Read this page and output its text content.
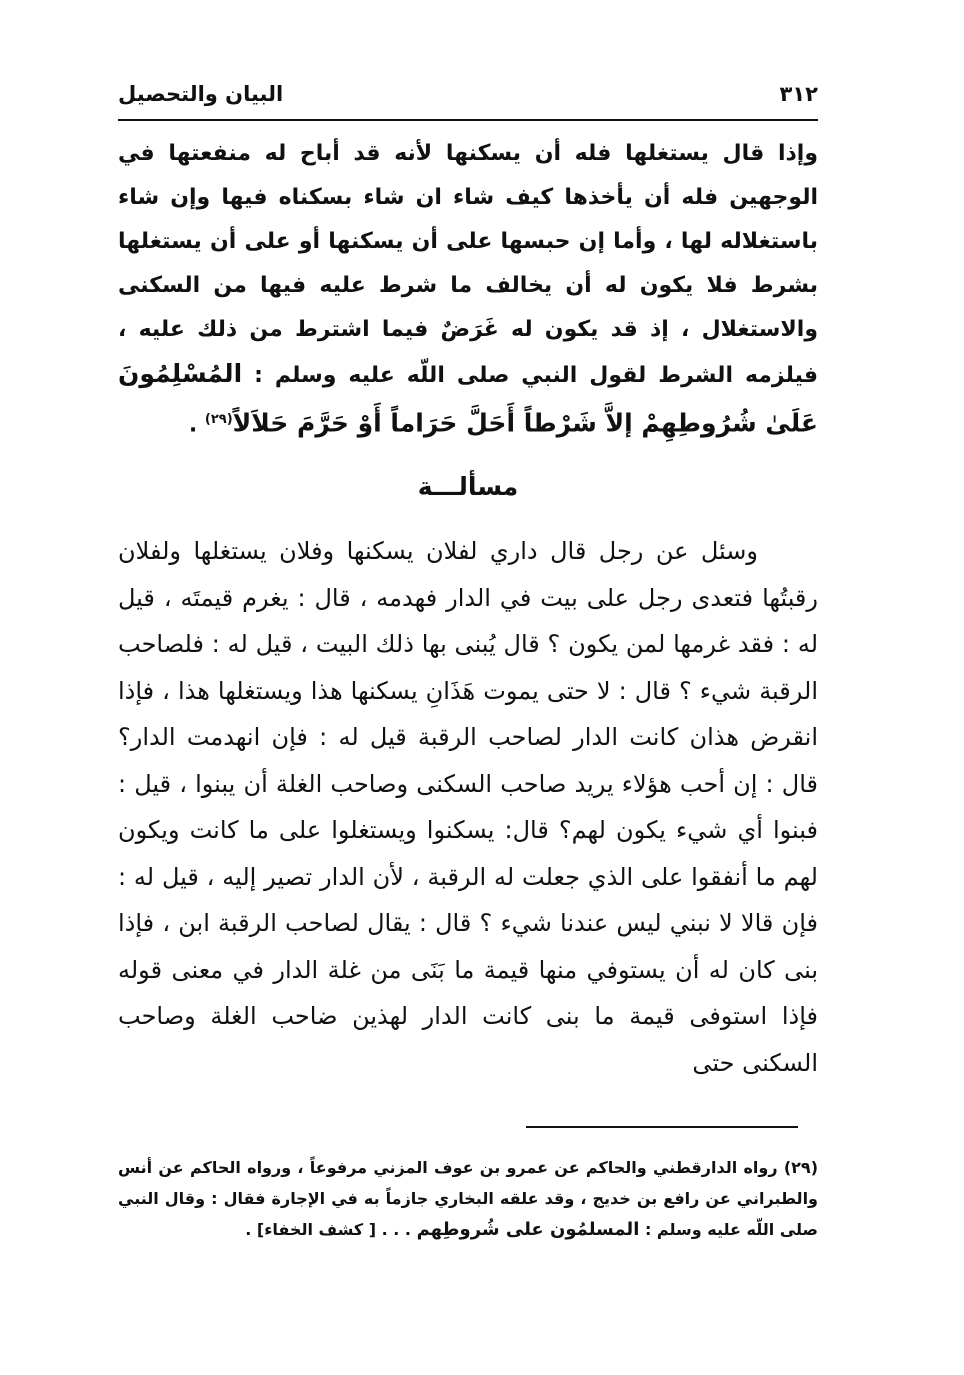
٣١٢
البيان والتحصيل

وإذا قال يستغلها فله أن يسكنها لأنه قد أباح له منفعتها في الوجهين فله أن يأخذها كيف شاء ان شاء بسكناه فيها وإن شاء باستغلاله لها ، وأما إن حبسها على أن يسكنها أو على أن يستغلها بشرط فلا يكون له أن يخالف ما شرط عليه فيها من السكنى والاستغلال ، إذ قد يكون له غَرَضٌ فيما اشترط من ذلك عليه ، فيلزمه الشرط لقول النبي صلى اللّه عليه وسلم : المُسْلِمُونَ عَلَىٰ شُرُوطِهِمْ إلاَّ شَرْطاً أَحَلَّ حَرَاماً أَوْ حَرَّمَ حَلاَلاً$^{(٢٩)}$ .

مسألـــة

وسئل عن رجل قال داري لفلان يسكنها وفلان يستغلها ولفلان رقبتُها فتعدى رجل على بيت في الدار فهدمه ، قال : يغرم قيمتَه ، قيل له : فقد غرمها لمن يكون ؟ قال يُبنى بها ذلك البيت ، قيل له : فلصاحب الرقبة شيء ؟ قال : لا حتى يموت هَذَانِ يسكنها هذا ويستغلها هذا ، فإذا انقرض هذان كانت الدار لصاحب الرقبة قيل له : فإن انهدمت الدار؟ قال : إن أحب هؤلاء يريد صاحب السكنى وصاحب الغلة أن يبنوا ، قيل : فبنوا أي شيء يكون لهم؟ قال: يسكنوا ويستغلوا على ما كانت ويكون لهم ما أنفقوا على الذي جعلت له الرقبة ، لأن الدار تصير إليه ، قيل له : فإن قالا لا نبني ليس عندنا شيء ؟ قال : يقال لصاحب الرقبة ابن ، فإذا بنى كان له أن يستوفي منها قيمة ما بَنَى من غلة الدار في معنى قوله فإذا استوفى قيمة ما بنى كانت الدار لهذين ضاحب الغلة وصاحب السكنى حتى

(٢٩) رواه الدارقطني والحاكم عن عمرو بن عوف المزني مرفوعاً ، ورواه الحاكم عن أنس والطبراني عن رافع بن خديج ، وقد علقه البخاري جازماً به في الإجارة فقال : وقال النبي صلى اللّه عليه وسلم : المسلمُون على شُروطِهم . . . [ كشف الخفاء] .
